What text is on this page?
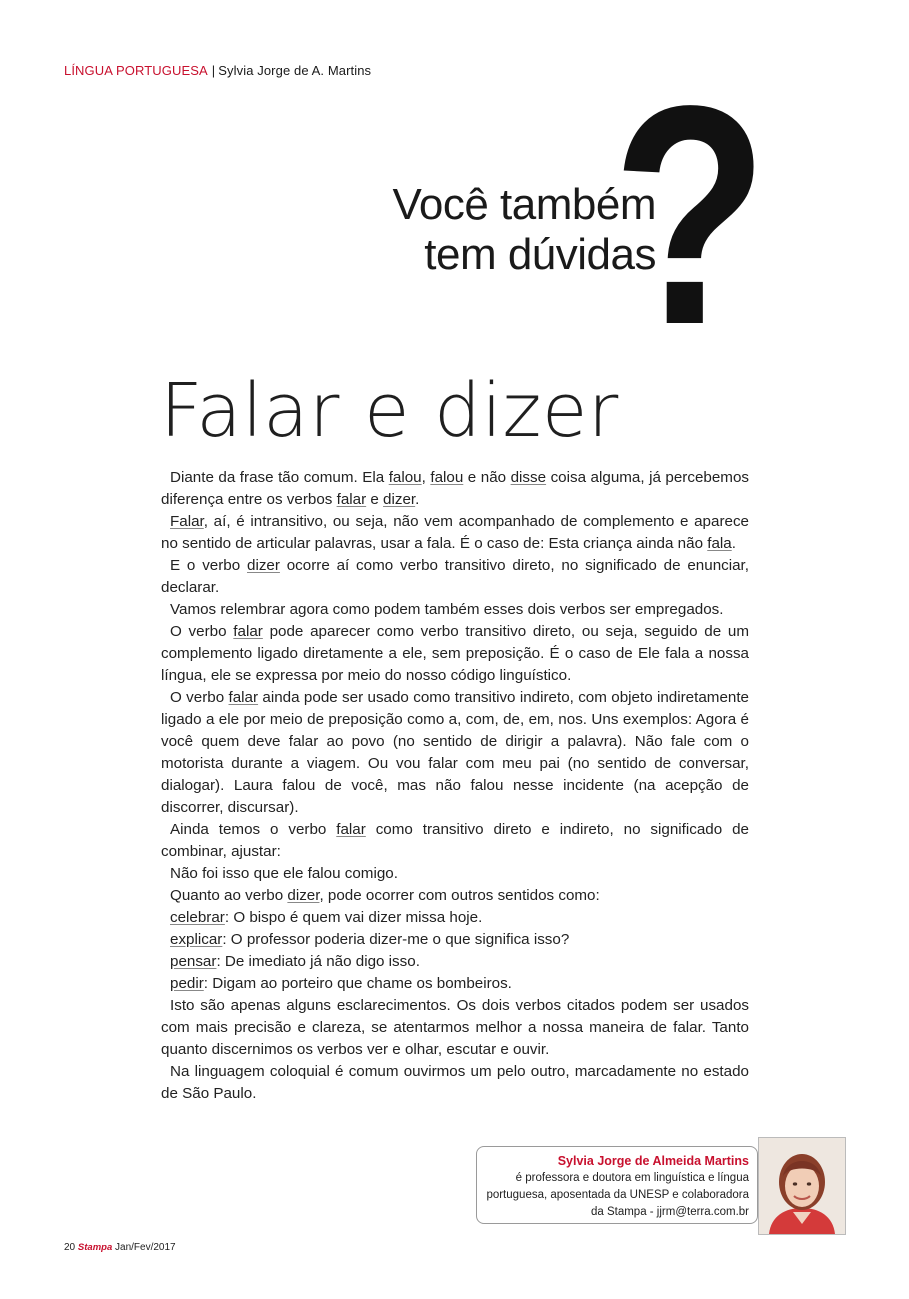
LÍNGUA PORTUGUESA | Sylvia Jorge de A. Martins ?
Você também
tem dúvidas
Falar e dizer

Diante da frase tão comum. Ela falou, falou e não disse coisa alguma, já percebemos diferença entre os verbos falar e dizer.

Falar, aí, é intransitivo, ou seja, não vem acompanhado de complemento e aparece no sentido de articular palavras, usar a fala. É o caso de: Esta criança ainda não fala.

E o verbo dizer ocorre aí como verbo transitivo direto, no significado de enunciar, declarar.

Vamos relembrar agora como podem também esses dois verbos ser empregados.

O verbo falar pode aparecer como verbo transitivo direto, ou seja, seguido de um complemento ligado diretamente a ele, sem preposição. É o caso de Ele fala a nossa língua, ele se expressa por meio do nosso código linguístico.

O verbo falar ainda pode ser usado como transitivo indireto, com objeto indiretamente ligado a ele por meio de preposição como a, com, de, em, nos. Uns exemplos: Agora é você quem deve falar ao povo (no sentido de dirigir a palavra). Não fale com o motorista durante a viagem. Ou vou falar com meu pai (no sentido de conversar, dialogar). Laura falou de você, mas não falou nesse incidente (na acepção de discorrer, discursar).

Ainda temos o verbo falar como transitivo direto e indireto, no significado de combinar, ajustar:

Não foi isso que ele falou comigo.

Quanto ao verbo dizer, pode ocorrer com outros sentidos como:

celebrar: O bispo é quem vai dizer missa hoje.

explicar: O professor poderia dizer-me o que significa isso?

pensar: De imediato já não digo isso.

pedir: Digam ao porteiro que chame os bombeiros.

Isto são apenas alguns esclarecimentos. Os dois verbos citados podem ser usados com mais precisão e clareza, se atentarmos melhor a nossa maneira de falar. Tanto quanto discernimos os verbos ver e olhar, escutar e ouvir.

Na linguagem coloquial é comum ouvirmos um pelo outro, marcadamente no estado de São Paulo.

Sylvia Jorge de Almeida Martins
é professora e doutora em linguística e língua
portuguesa, aposentada da UNESP e colaboradora
da Stampa - jjrm@terra.com.br
20 Stampa Jan/Fev/2017
